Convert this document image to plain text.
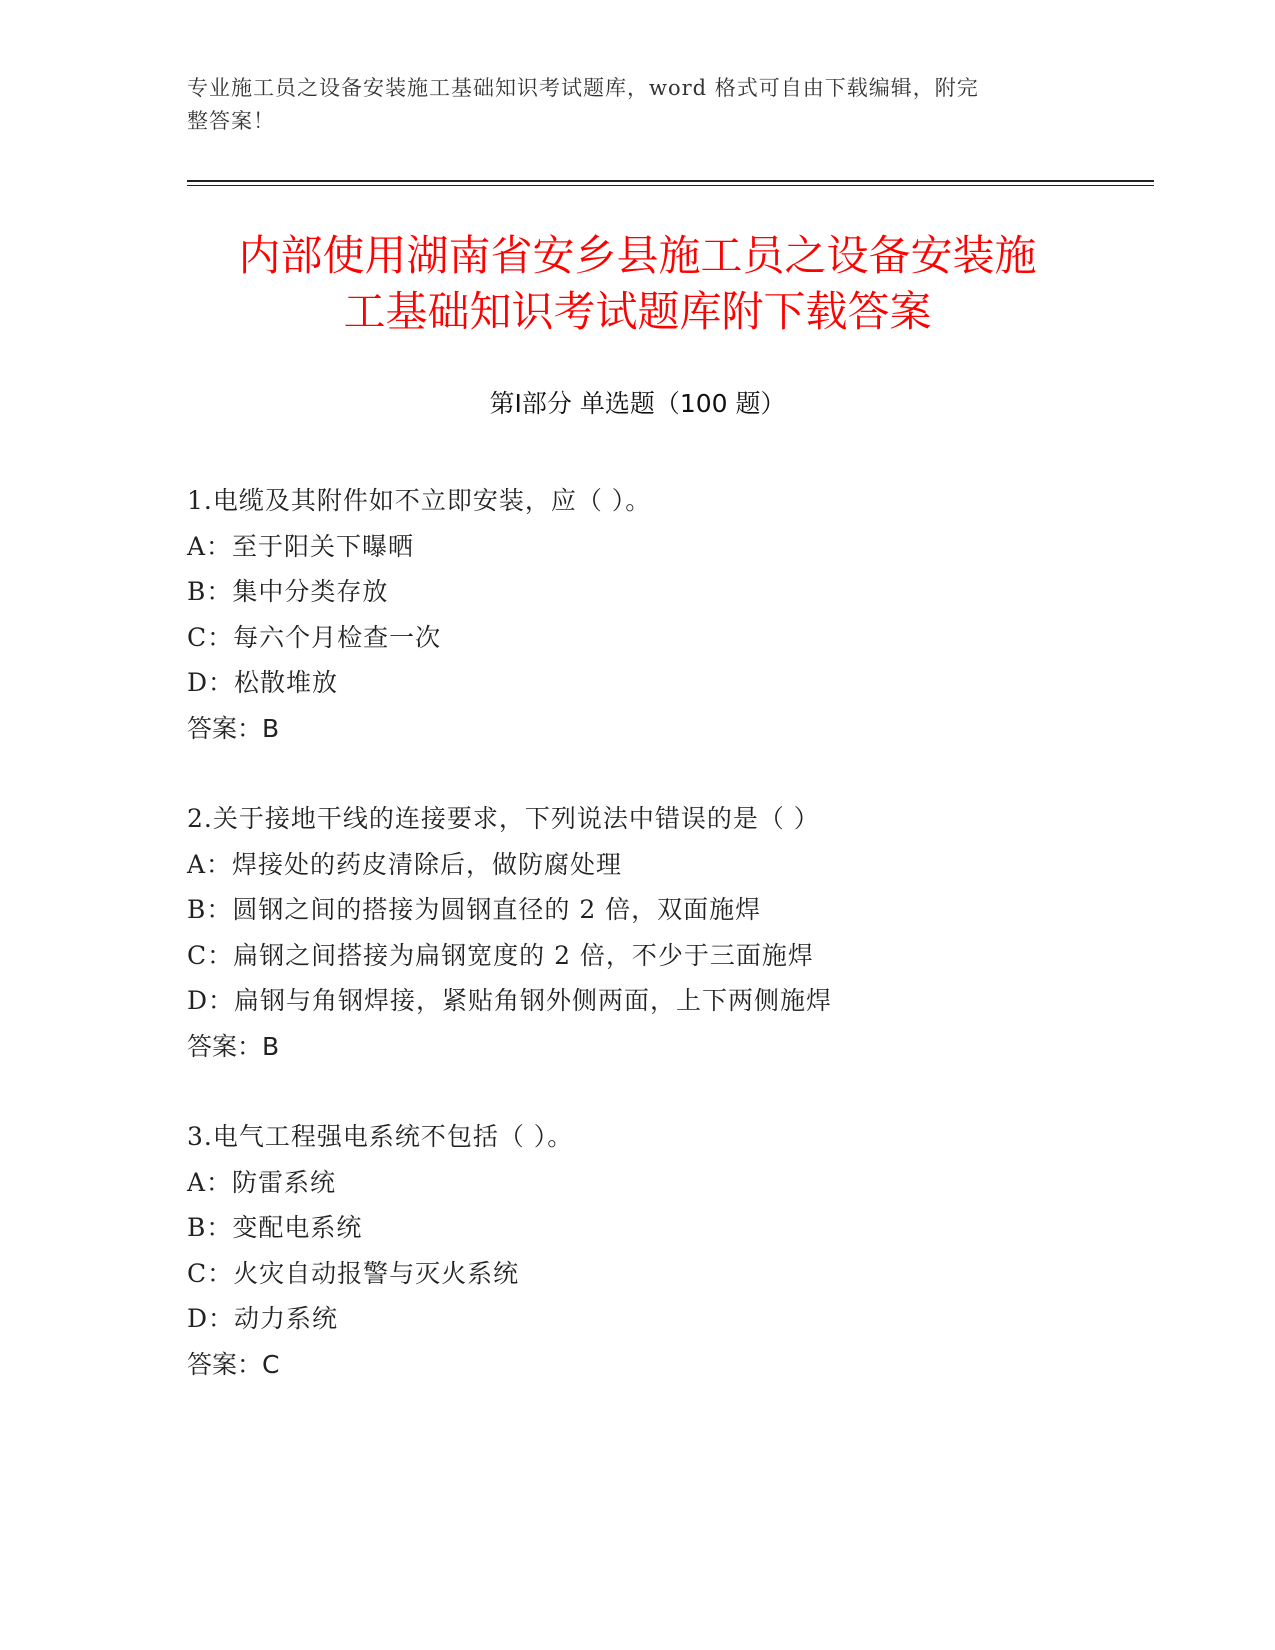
专业施工员之设备安装施工基础知识考试题库，word 格式可自由下载编辑，附完
整答案！
内部使用湖南省安乡县施工员之设备安装施
工基础知识考试题库附下载答案
第Ⅰ部分 单选题（100 题）
1.电缆及其附件如不立即安装，应（ ）。
A：至于阳关下曝晒
B：集中分类存放
C：每六个月检查一次
D：松散堆放
答案：B
2.关于接地干线的连接要求，下列说法中错误的是（ ）
A：焊接处的药皮清除后，做防腐处理
B：圆钢之间的搭接为圆钢直径的 2 倍，双面施焊
C：扁钢之间搭接为扁钢宽度的 2 倍，不少于三面施焊
D：扁钢与角钢焊接，紧贴角钢外侧两面，上下两侧施焊
答案：B
3.电气工程强电系统不包括（ ）。
A：防雷系统
B：变配电系统
C：火灾自动报警与灭火系统
D：动力系统
答案：C
